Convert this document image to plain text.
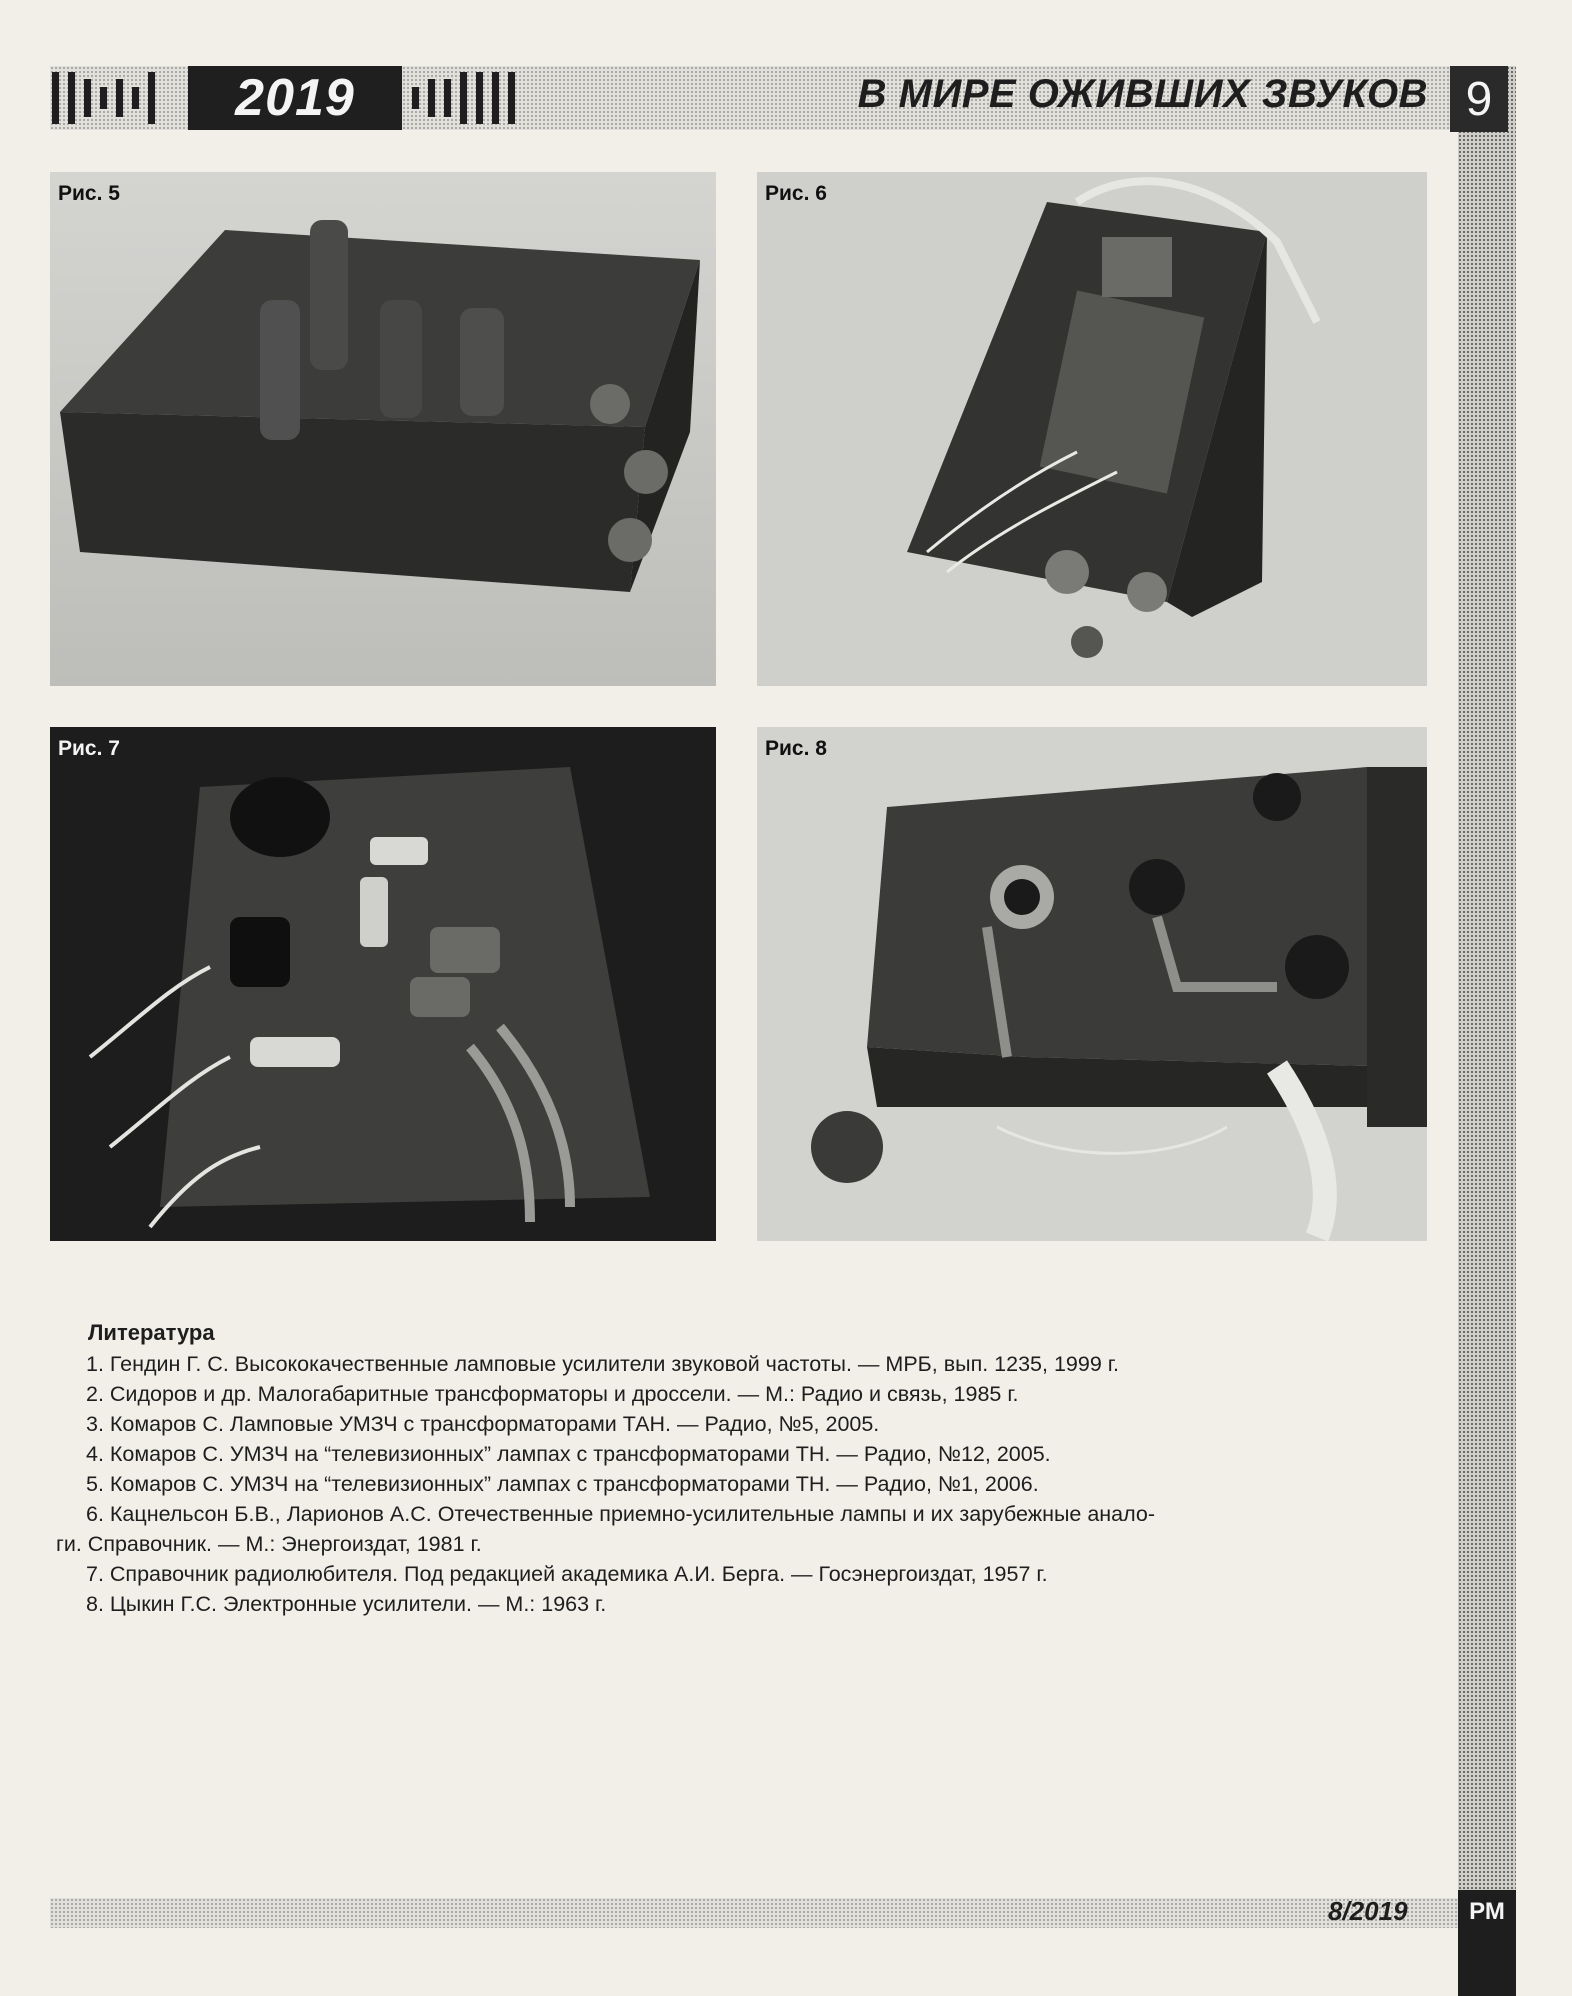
2019	В МИРЕ ОЖИВШИХ ЗВУКОВ 9
Рис. 5	Рис. 6
Рис. 7	Рис. 8
Литература
1. Гендин Г. С. Высококачественные ламповые усилители звуковой частоты. — МРБ, вып. 1235, 1999 г.
2. Сидоров и др. Малогабаритные трансформаторы и дроссели. — М.: Радио и связь, 1985 г.
3. Комаров С. Ламповые УМЗЧ с трансформаторами ТАН. — Радио, №5, 2005.
4. Комаров С. УМЗЧ на “телевизионных” лампах с трансформаторами ТН. — Радио, №12, 2005.
5. Комаров С. УМЗЧ на “телевизионных” лампах с трансформаторами ТН. — Радио, №1, 2006.
6. Кацнельсон Б.В., Ларионов А.С. Отечественные приемно-усилительные лампы и их зарубежные анало-
ги. Справочник. — М.: Энергоиздат, 1981 г.
7. Справочник радиолюбителя. Под редакцией академика А.И. Берга. — Госэнергоиздат, 1957 г.
8. Цыкин Г.С. Электронные усилители. — М.: 1963 г.
8/2019	РМ
